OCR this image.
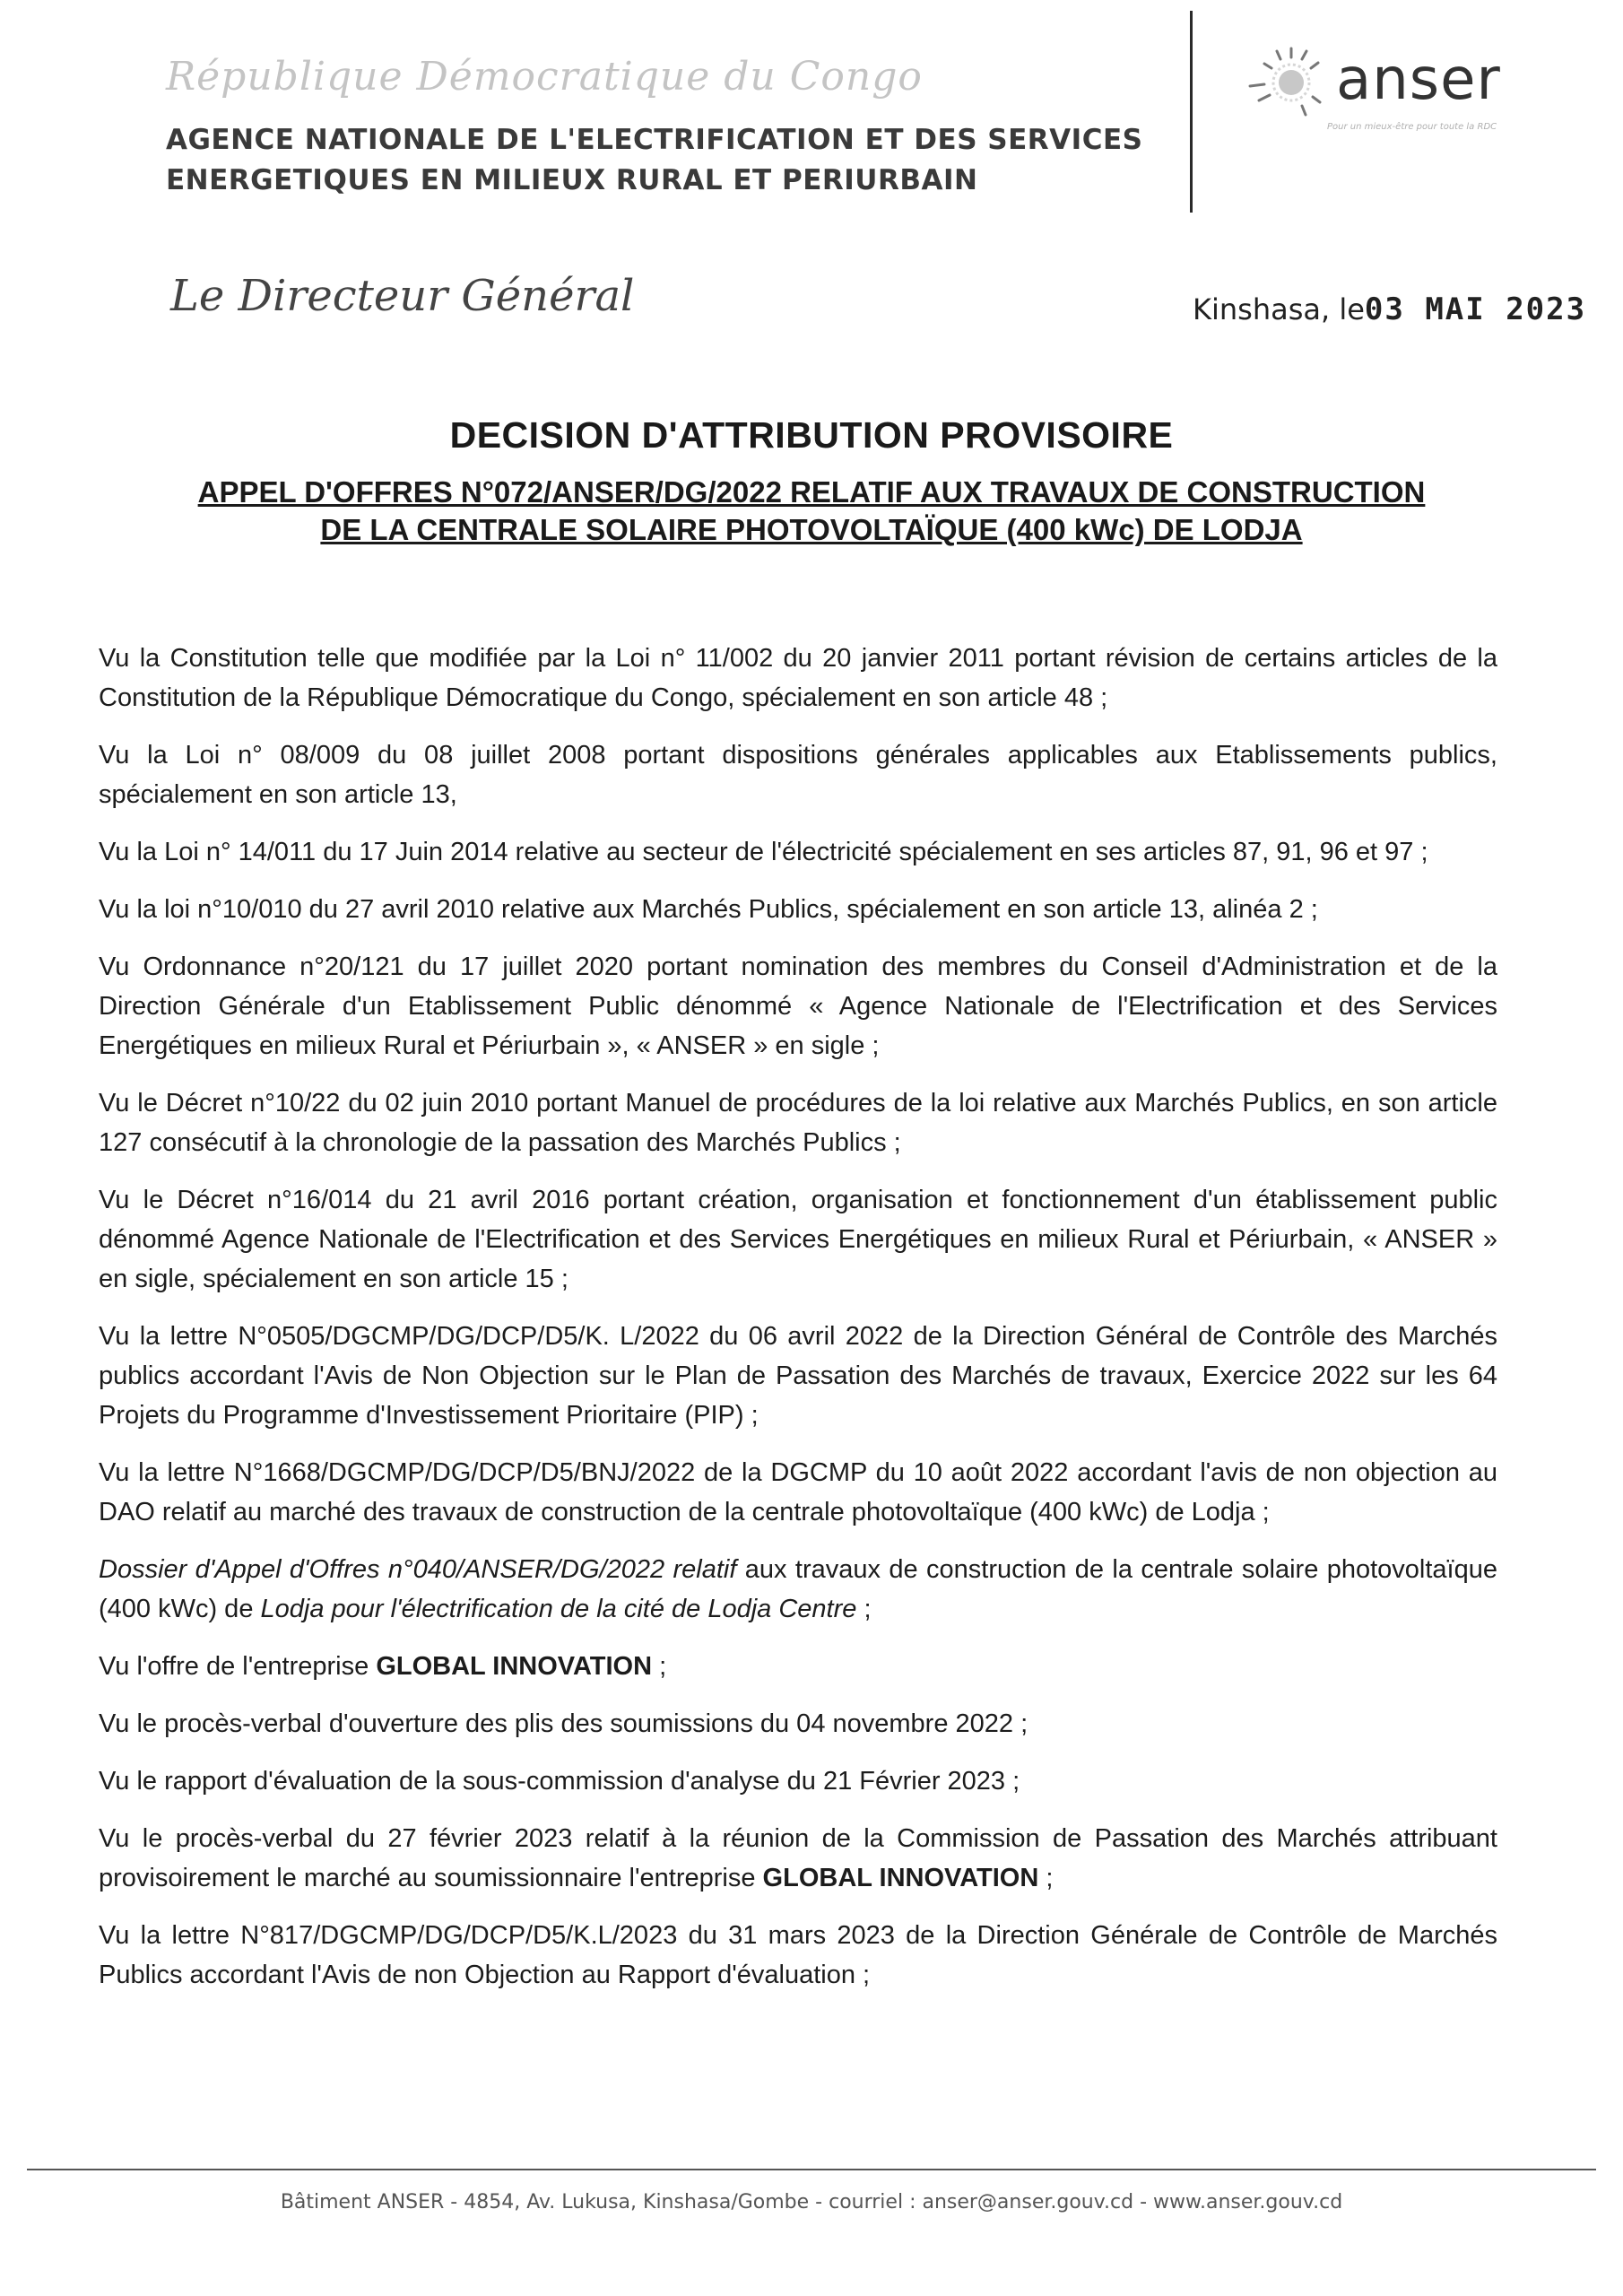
République Démocratique du Congo
AGENCE NATIONALE DE L'ELECTRIFICATION ET DES SERVICES
ENERGETIQUES EN MILIEUX RURAL ET PERIURBAIN
anser
Pour un mieux-être pour toute la RDC
Le Directeur Général	Kinshasa, le03 MAI 2023
DECISION D'ATTRIBUTION PROVISOIRE
APPEL D'OFFRES N°072/ANSER/DG/2022 RELATIF AUX TRAVAUX DE CONSTRUCTION
DE LA CENTRALE SOLAIRE PHOTOVOLTAÏQUE (400 kWc) DE LODJA

Vu la Constitution telle que modifiée par la Loi n° 11/002 du 20 janvier 2011 portant révision de certains articles de la Constitution de la République Démocratique du Congo, spécialement en son article 48 ;

Vu la Loi n° 08/009 du 08 juillet 2008 portant dispositions générales applicables aux Etablissements publics, spécialement en son article 13,

Vu la Loi n° 14/011 du 17 Juin 2014 relative au secteur de l'électricité spécialement en ses articles 87, 91, 96 et 97 ;

Vu la loi n°10/010 du 27 avril 2010 relative aux Marchés Publics, spécialement en son article 13, alinéa 2 ;

Vu Ordonnance n°20/121 du 17 juillet 2020 portant nomination des membres du Conseil d'Administration et de la Direction Générale d'un Etablissement Public dénommé « Agence Nationale de l'Electrification et des Services Energétiques en milieux Rural et Périurbain », « ANSER » en sigle ;

Vu le Décret n°10/22 du 02 juin 2010 portant Manuel de procédures de la loi relative aux Marchés Publics, en son article 127 consécutif à la chronologie de la passation des Marchés Publics ;

Vu le Décret n°16/014 du 21 avril 2016 portant création, organisation et fonctionnement d'un établissement public dénommé Agence Nationale de l'Electrification et des Services Energétiques en milieux Rural et Périurbain, « ANSER » en sigle, spécialement en son article 15 ;

Vu la lettre N°0505/DGCMP/DG/DCP/D5/K. L/2022 du 06 avril 2022 de la Direction Général de Contrôle des Marchés publics accordant l'Avis de Non Objection sur le Plan de Passation des Marchés de travaux, Exercice 2022 sur les 64 Projets du Programme d'Investissement Prioritaire (PIP) ;

Vu la lettre N°1668/DGCMP/DG/DCP/D5/BNJ/2022 de la DGCMP du 10 août 2022 accordant l'avis de non objection au DAO relatif au marché des travaux de construction de la centrale photovoltaïque (400 kWc) de Lodja ;

Dossier d'Appel d'Offres n°040/ANSER/DG/2022 relatif aux travaux de construction de la centrale solaire photovoltaïque (400 kWc) de Lodja pour l'électrification de la cité de Lodja Centre ;

Vu l'offre de l'entreprise GLOBAL INNOVATION ;

Vu le procès-verbal d'ouverture des plis des soumissions du 04 novembre 2022 ;

Vu le rapport d'évaluation de la sous-commission d'analyse du 21 Février 2023 ;

Vu le procès-verbal du 27 février 2023 relatif à la réunion de la Commission de Passation des Marchés attribuant provisoirement le marché au soumissionnaire l'entreprise GLOBAL INNOVATION ;

Vu la lettre N°817/DGCMP/DG/DCP/D5/K.L/2023 du 31 mars 2023 de la Direction Générale de Contrôle de Marchés Publics accordant l'Avis de non Objection au Rapport d'évaluation ;

Bâtiment ANSER - 4854, Av. Lukusa, Kinshasa/Gombe - courriel : anser@anser.gouv.cd - www.anser.gouv.cd
